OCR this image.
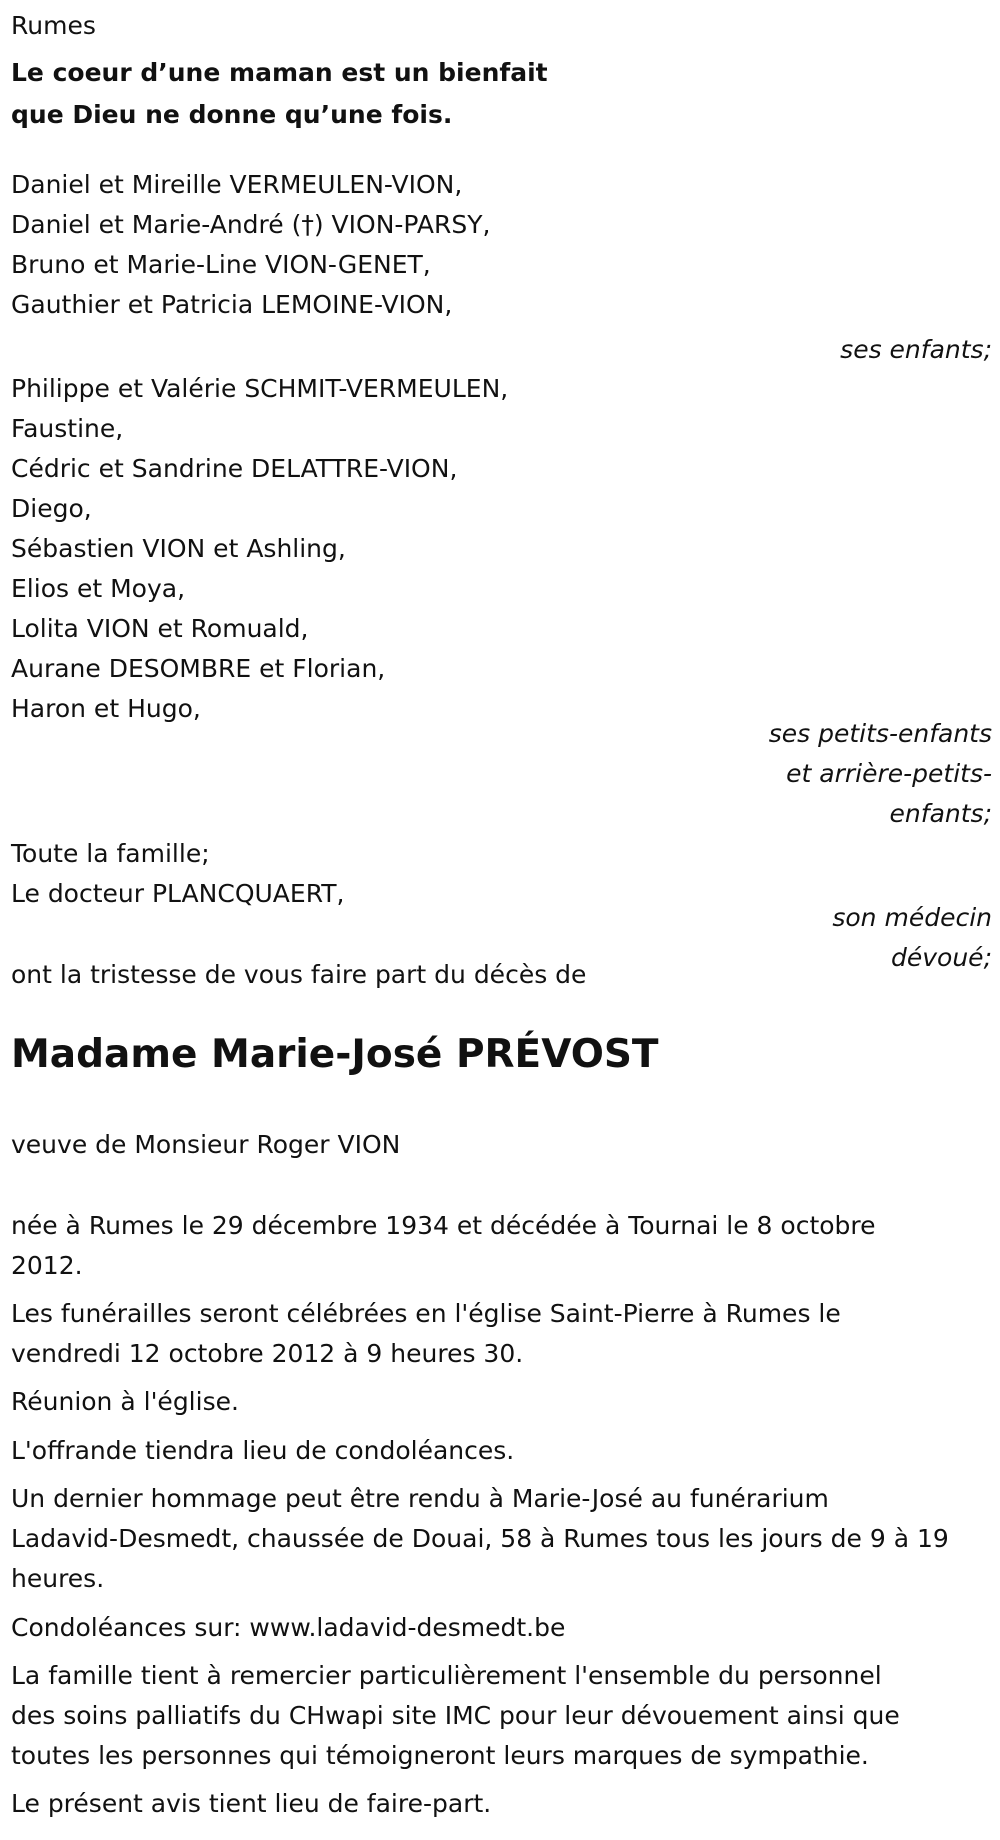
Rumes
Le coeur d’une maman est un bienfait
que Dieu ne donne qu’une fois.
Daniel et Mireille VERMEULEN-VION,
Daniel et Marie-André (†) VION-PARSY,
Bruno et Marie-Line VION-GENET,
Gauthier et Patricia LEMOINE-VION,
ses enfants;
Philippe et Valérie SCHMIT-VERMEULEN,
Faustine,
Cédric et Sandrine DELATTRE-VION,
Diego,
Sébastien VION et Ashling,
Elios et Moya,
Lolita VION et Romuald,
Aurane DESOMBRE et Florian,
Haron et Hugo,
ses petits-enfants
et arrière-petits-
enfants;
Toute la famille;
Le docteur PLANCQUAERT,
son médecin
dévoué;
ont la tristesse de vous faire part du décès de
Madame Marie-José PRÉVOST
veuve de Monsieur Roger VION
née à Rumes le 29 décembre 1934 et décédée à Tournai le 8 octobre
2012.
Les funérailles seront célébrées en l'église Saint-Pierre à Rumes le
vendredi 12 octobre 2012 à 9 heures 30.
Réunion à l'église.
L'offrande tiendra lieu de condoléances.
Un dernier hommage peut être rendu à Marie-José au funérarium
Ladavid-Desmedt, chaussée de Douai, 58 à Rumes tous les jours de 9 à 19
heures.
Condoléances sur: www.ladavid-desmedt.be
La famille tient à remercier particulièrement l'ensemble du personnel
des soins palliatifs du CHwapi site IMC pour leur dévouement ainsi que
toutes les personnes qui témoigneront leurs marques de sympathie.
Le présent avis tient lieu de faire-part.
